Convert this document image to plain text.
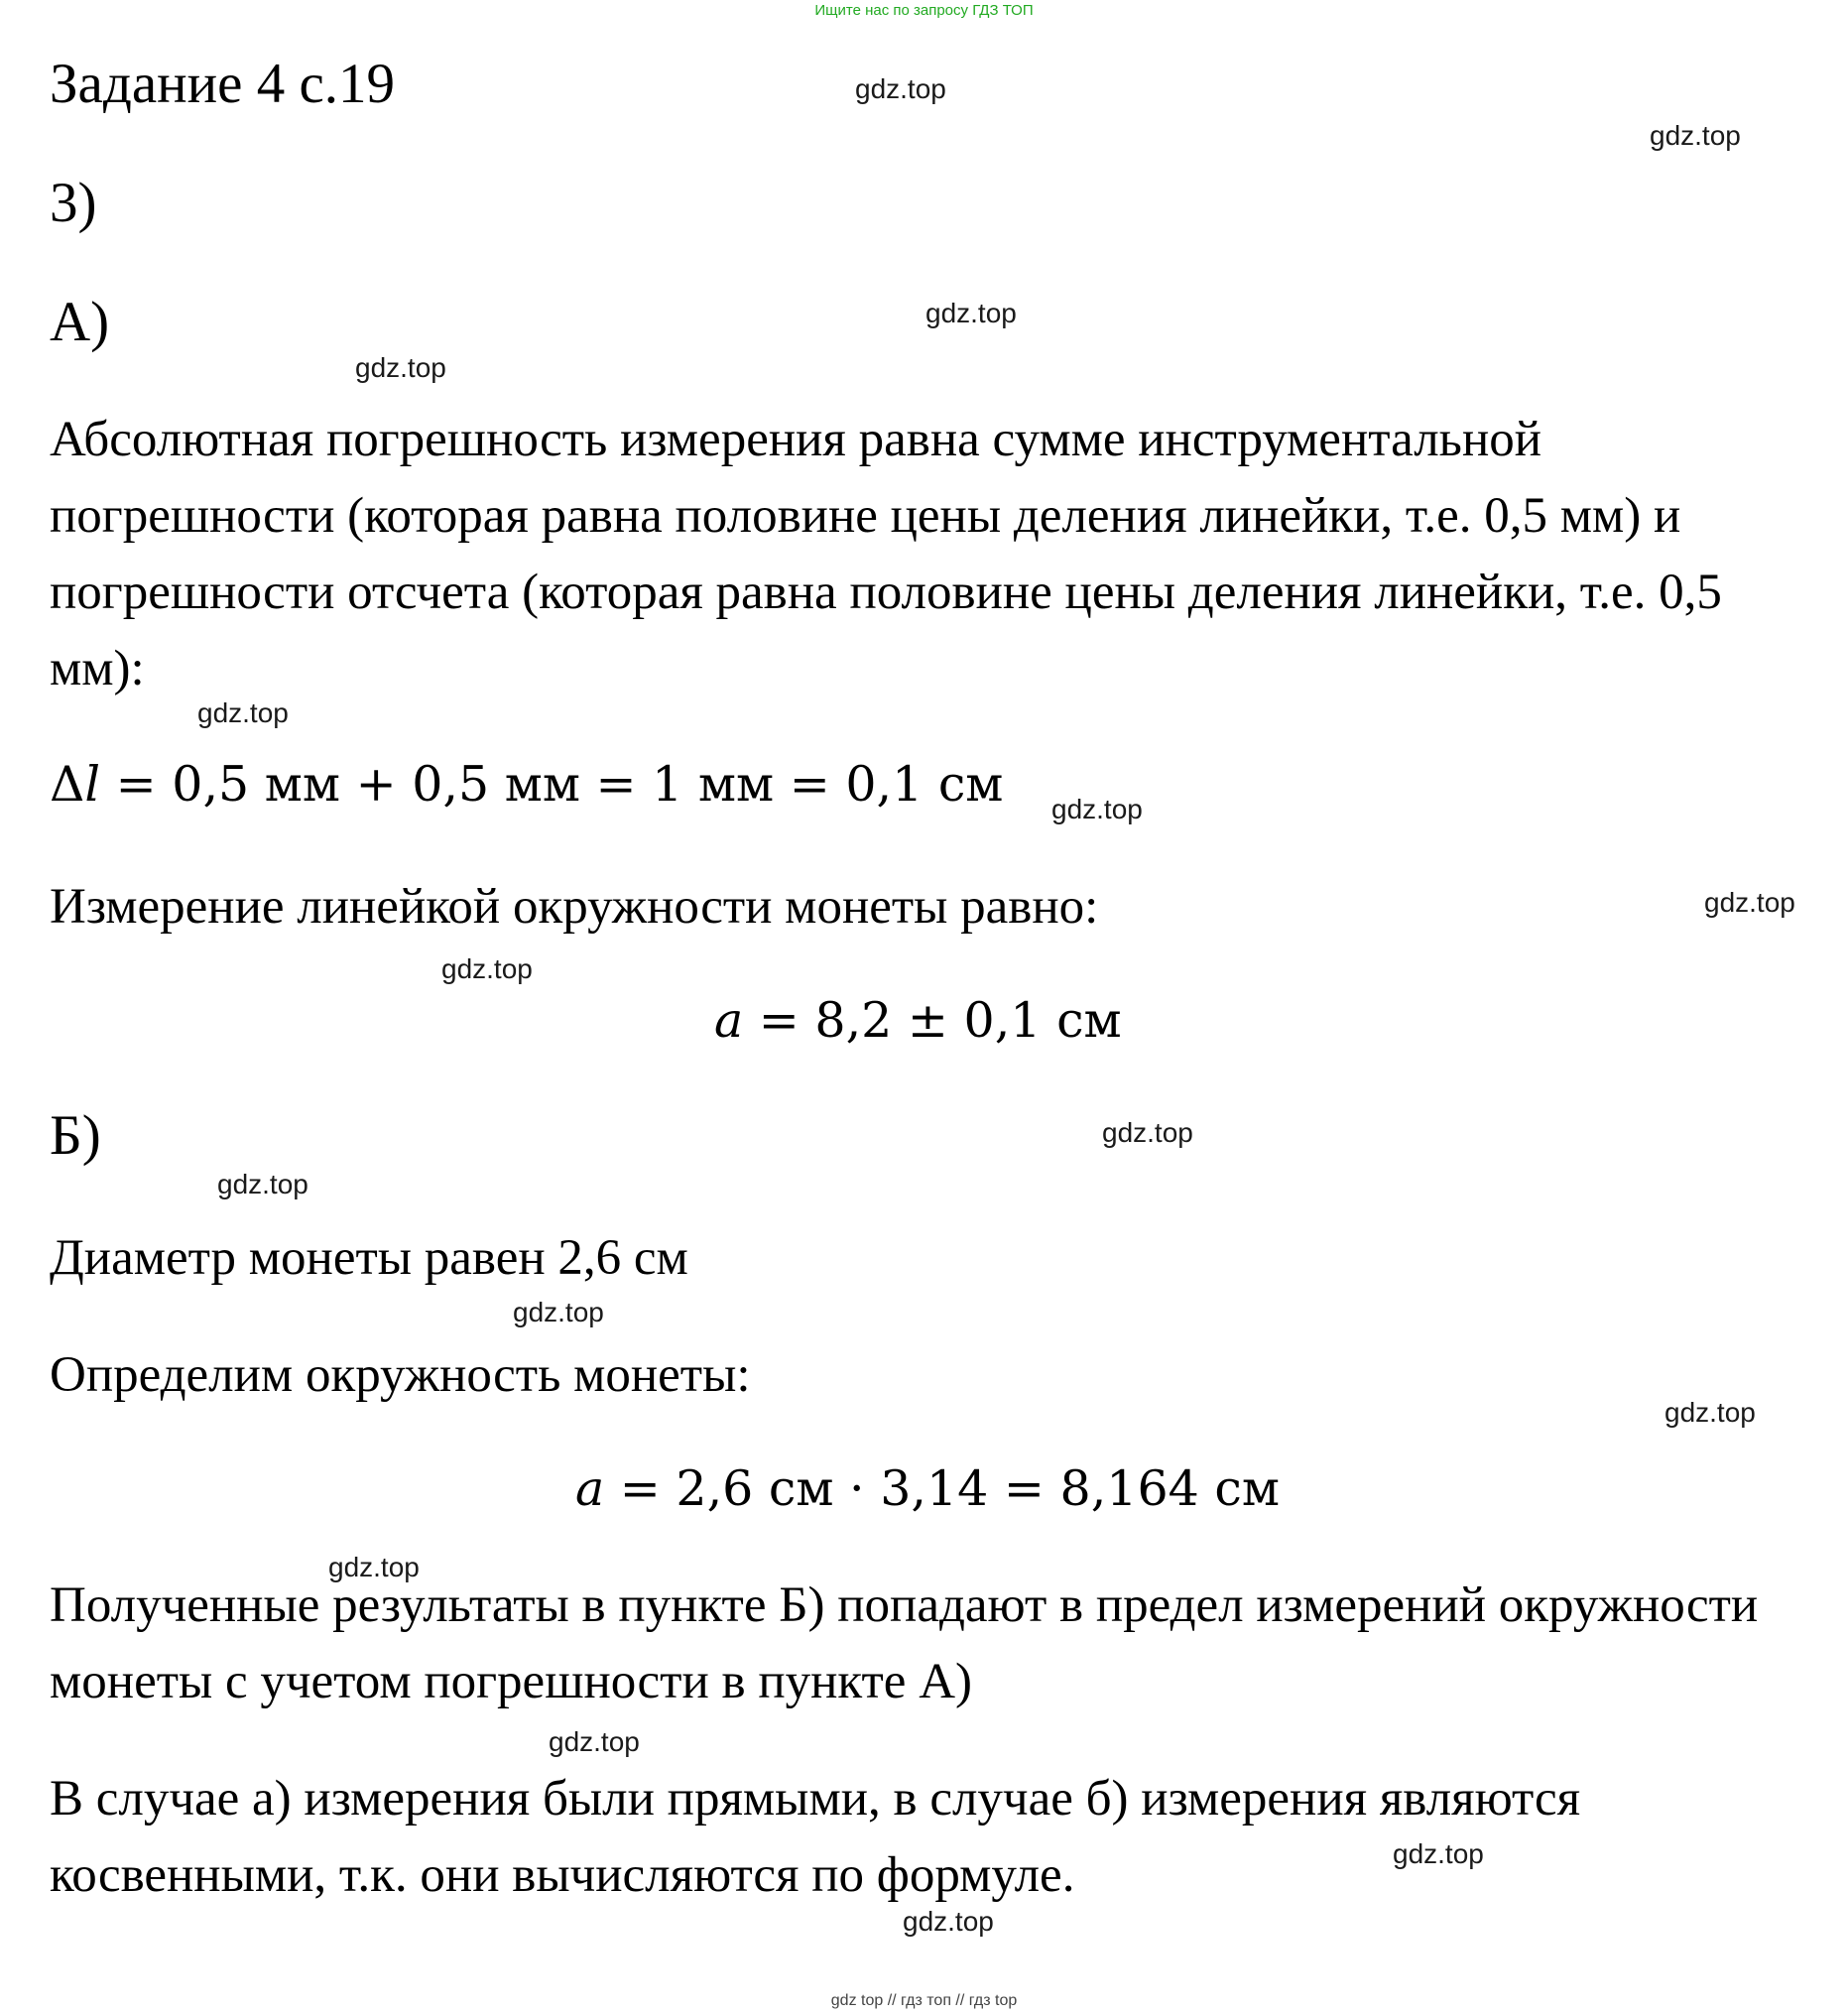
Ищите нас по запросу ГДЗ ТОП
Задание 4 с.19
3)
А)
Абсолютная погрешность измерения равна сумме инструментальной погрешности (которая равна половине цены деления линейки, т.е. 0,5 мм) и погрешности отсчета (которая равна половине цены деления линейки, т.е. 0,5 мм):
Δl = 0,5 мм + 0,5 мм = 1 мм = 0,1 см
Измерение линейкой окружности монеты равно:
a = 8,2 ± 0,1 см
Б)
Диаметр монеты равен 2,6 см
Определим окружность монеты:
a = 2,6 см · 3,14 = 8,164 см
Полученные результаты в пункте Б) попадают в предел измерений окружности монеты с учетом погрешности в пункте А)
В случае а) измерения были прямыми, в случае б) измерения являются косвенными, т.к. они вычисляются по формуле.
gdz.top
gdz.top
gdz.top
gdz.top
gdz.top
gdz.top
gdz.top
gdz.top
gdz.top
gdz.top
gdz.top
gdz.top
gdz.top
gdz.top
gdz.top
gdz.top
gdz top // гдз топ // гдз top
